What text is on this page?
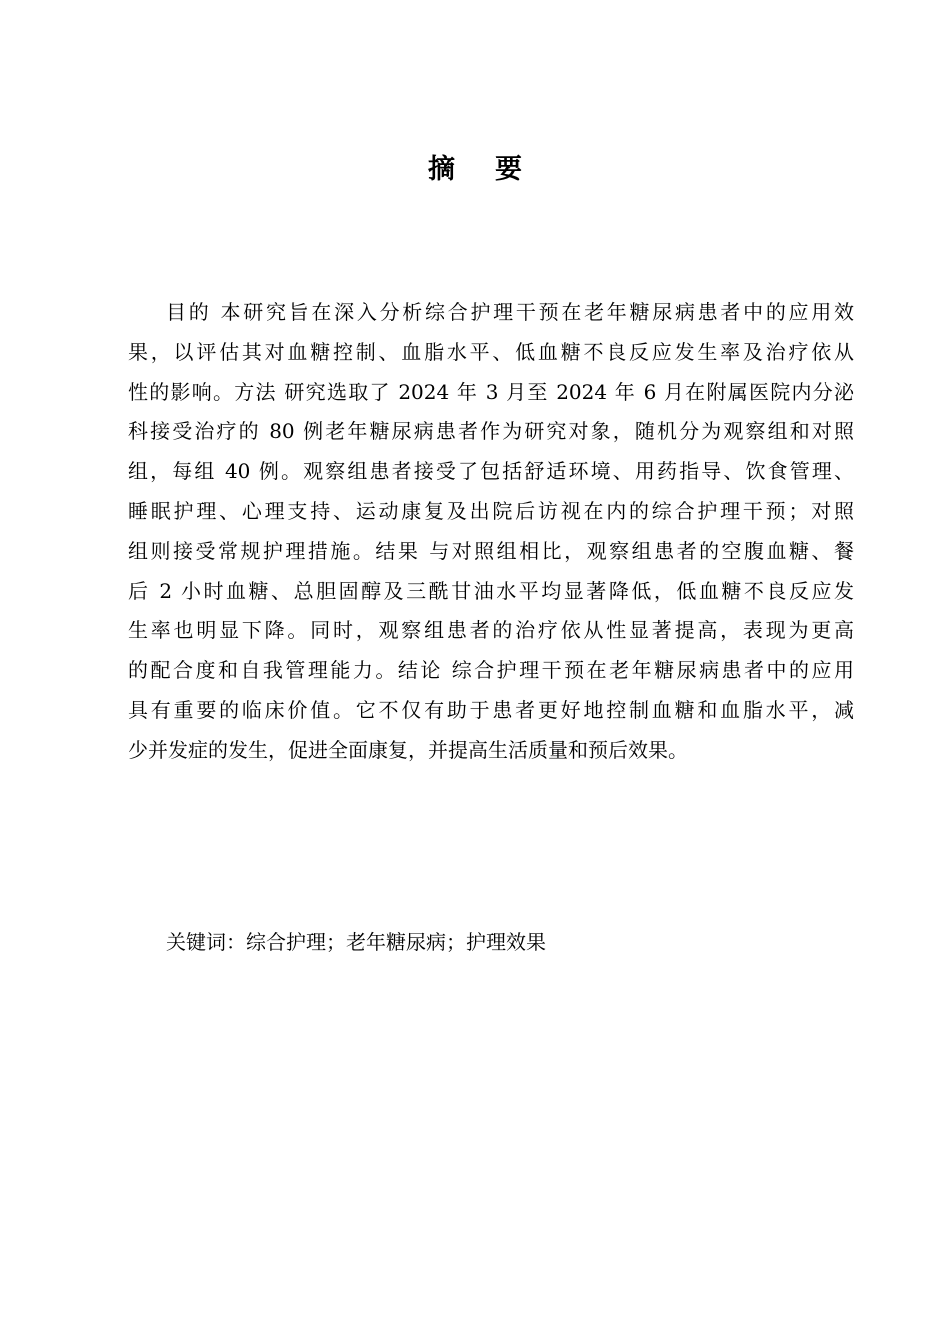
摘 要
目的 本研究旨在深入分析综合护理干预在老年糖尿病患者中的应用效
果，以评估其对血糖控制、血脂水平、低血糖不良反应发生率及治疗依从
性的影响。方法 研究选取了 2024 年 3 月至 2024 年 6 月在附属医院内分泌
科接受治疗的 80 例老年糖尿病患者作为研究对象，随机分为观察组和对照
组，每组 40 例。观察组患者接受了包括舒适环境、用药指导、饮食管理、
睡眠护理、心理支持、运动康复及出院后访视在内的综合护理干预；对照
组则接受常规护理措施。结果 与对照组相比，观察组患者的空腹血糖、餐
后 2 小时血糖、总胆固醇及三酰甘油水平均显著降低，低血糖不良反应发
生率也明显下降。同时，观察组患者的治疗依从性显著提高，表现为更高
的配合度和自我管理能力。结论 综合护理干预在老年糖尿病患者中的应用
具有重要的临床价值。它不仅有助于患者更好地控制血糖和血脂水平，减
少并发症的发生，促进全面康复，并提高生活质量和预后效果。
关键词：综合护理；老年糖尿病；护理效果
